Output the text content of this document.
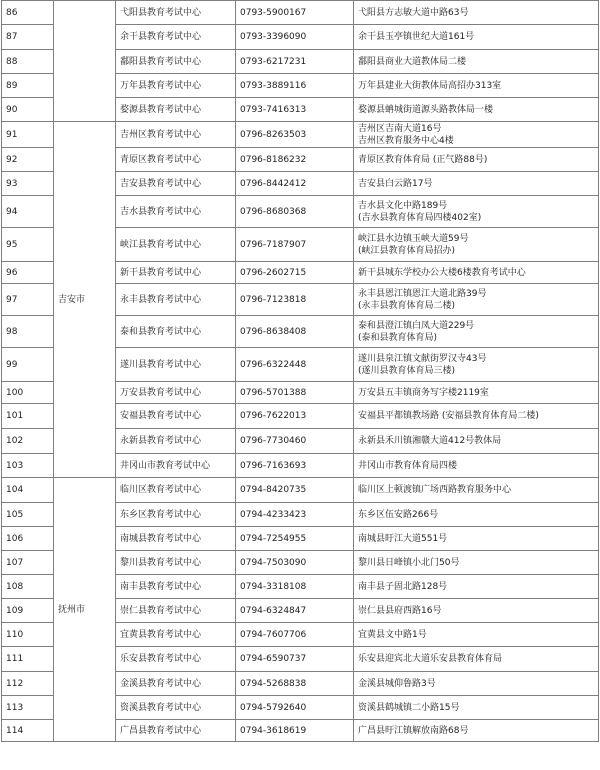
86		弋阳县教育考试中心	0793-5900167	弋阳县方志敏大道中路63号

87		余干县教育考试中心	0793-3396090	余干县玉亭镇世纪大道161号

88		鄱阳县教育考试中心	0793-6217231	鄱阳县商业大道教体局二楼

89		万年县教育考试中心	0793-3889116	万年县建业大街教体局高招办313室

90		婺源县教育考试中心	0793-7416313	婺源县蚺城街道源头路教体局一楼

91	吉安市	吉州区教育考试中心	0796-8263503	吉州区吉南大道16号
吉州区教育服务中心4楼

92		青原区教育考试中心	0796-8186232	青原区教育体育局 (正气路88号)

93		吉安县教育考试中心	0796-8442412	吉安县白云路17号

94		吉水县教育考试中心	0796-8680368	吉水县文化中路189号
(吉水县教育体育局四楼402室)

95		峡江县教育考试中心	0796-7187907	峡江县水边镇玉峡大道59号
(峡江县教育体育局招办)

96		新干县教育考试中心	0796-2602715	新干县城东学校办公大楼6楼教育考试中心

97		永丰县教育考试中心	0796-7123818	永丰县恩江镇恩江大道北路39号
(永丰县教育体育局二楼)

98		泰和县教育考试中心	0796-8638408	泰和县澄江镇白凤大道229号
(泰和县教育体育局)

99		遂川县教育考试中心	0796-6322448	遂川县泉江镇文献街罗汉寺43号
(遂川县教育体育局三楼)

100		万安县教育考试中心	0796-5701388	万安县五丰镇商务写字楼2119室

101		安福县教育考试中心	0796-7622013	安福县平都镇教场路 (安福县教育体育局二楼)

102		永新县教育考试中心	0796-7730460	永新县禾川镇湘赣大道412号教体局

103		井冈山市教育考试中心	0796-7163693	井冈山市教育体育局四楼

104	抚州市	临川区教育考试中心	0794-8420735	临川区上顿渡镇广场西路教育服务中心

105		东乡区教育考试中心	0794-4233423	东乡区伍安路266号

106		南城县教育考试中心	0794-7254955	南城县盱江大道551号

107		黎川县教育考试中心	0794-7503090	黎川县日峰镇小北门50号

108		南丰县教育考试中心	0794-3318108	南丰县子固北路128号

109		崇仁县教育考试中心	0794-6324847	崇仁县县府西路16号

110		宜黄县教育考试中心	0794-7607706	宜黄县文中路1号

111		乐安县教育考试中心	0794-6590737	乐安县迎宾北大道乐安县教育体育局

112		金溪县教育考试中心	0794-5268838	金溪县城仰鲁路3号

113		资溪县教育考试中心	0794-5792640	资溪县鹤城镇二小路15号

114		广昌县教育考试中心	0794-3618619	广昌县旴江镇解放南路68号
